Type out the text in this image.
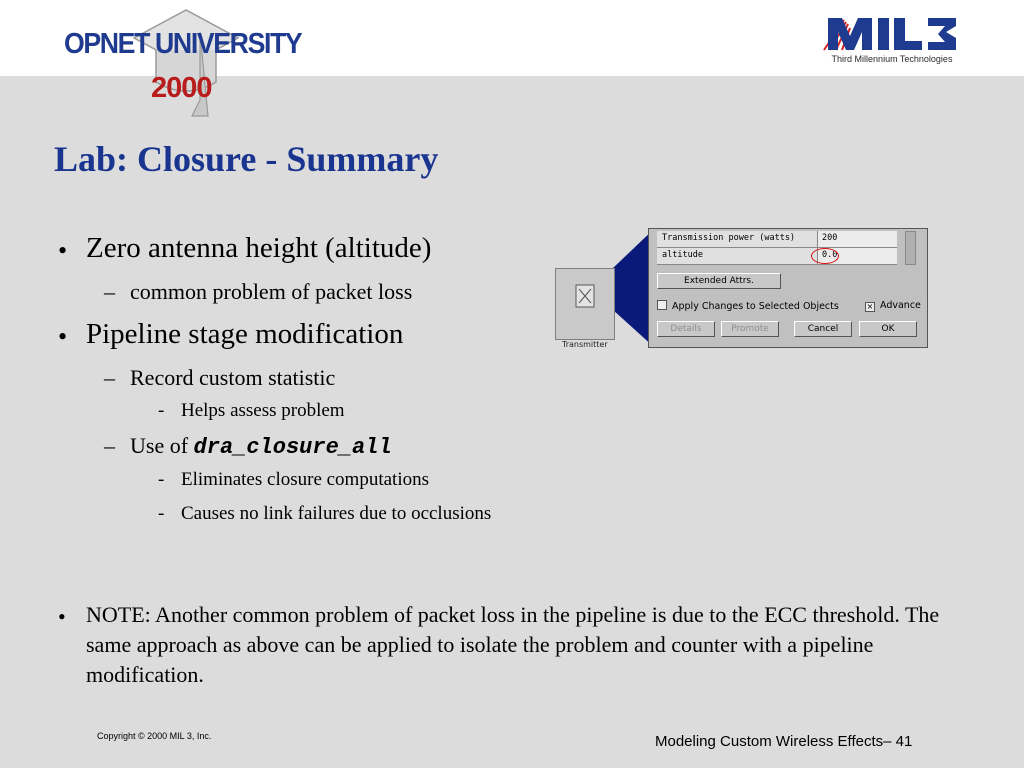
OPNET UNIVERSITY
2000
Third Millennium Technologies
Lab: Closure - Summary
• Zero antenna height (altitude)
– common problem of packet loss
• Pipeline stage modification
– Record custom statistic
- Helps assess problem
– Use of dra_closure_all
- Eliminates closure computations
- Causes no link failures due to occlusions
• NOTE: Another common problem of packet loss in the pipeline is due to the ECC threshold. The same approach as above can be applied to isolate the problem and counter with a pipeline modification.
Transmitter
Transmission power (watts)	200
altitude	0.0
Extended Attrs.
Apply Changes to Selected Objects	× Advance
Details	Promote	Cancel	OK
Copyright © 2000 MIL 3, Inc.	Modeling Custom Wireless Effects– 41
